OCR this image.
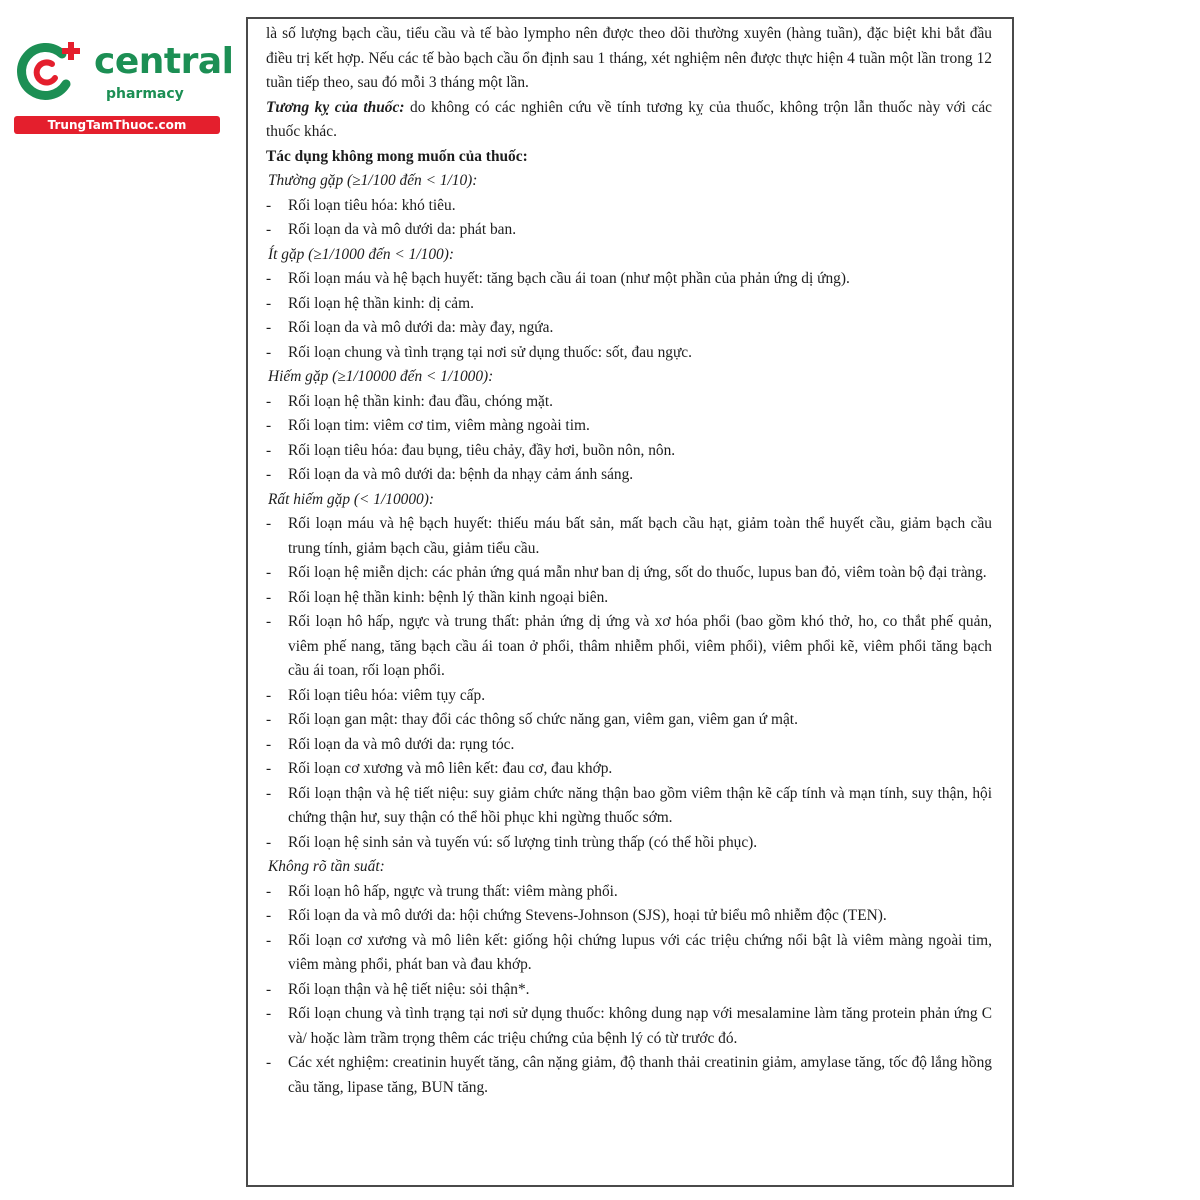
central
pharmacy
TrungTamThuoc.com

là số lượng bạch cầu, tiểu cầu và tế bào lympho nên được theo dõi thường xuyên (hàng tuần), đặc biệt khi bắt đầu điều trị kết hợp. Nếu các tế bào bạch cầu ổn định sau 1 tháng, xét nghiệm nên được thực hiện 4 tuần một lần trong 12 tuần tiếp theo, sau đó mỗi 3 tháng một lần.

Tương kỵ của thuốc: do không có các nghiên cứu về tính tương kỵ của thuốc, không trộn lẫn thuốc này với các thuốc khác.

Tác dụng không mong muốn của thuốc:

Thường gặp (≥1/100 đến < 1/10):

- Rối loạn tiêu hóa: khó tiêu.
- Rối loạn da và mô dưới da: phát ban.

Ít gặp (≥1/1000 đến < 1/100):

- Rối loạn máu và hệ bạch huyết: tăng bạch cầu ái toan (như một phần của phản ứng dị ứng).
- Rối loạn hệ thần kinh: dị cảm.
- Rối loạn da và mô dưới da: mày đay, ngứa.
- Rối loạn chung và tình trạng tại nơi sử dụng thuốc: sốt, đau ngực.

Hiếm gặp (≥1/10000 đến < 1/1000):

- Rối loạn hệ thần kinh: đau đầu, chóng mặt.
- Rối loạn tim: viêm cơ tim, viêm màng ngoài tim.
- Rối loạn tiêu hóa: đau bụng, tiêu chảy, đầy hơi, buồn nôn, nôn.
- Rối loạn da và mô dưới da: bệnh da nhạy cảm ánh sáng.

Rất hiếm gặp (< 1/10000):

- Rối loạn máu và hệ bạch huyết: thiếu máu bất sản, mất bạch cầu hạt, giảm toàn thể huyết cầu, giảm bạch cầu trung tính, giảm bạch cầu, giảm tiểu cầu.
- Rối loạn hệ miễn dịch: các phản ứng quá mẫn như ban dị ứng, sốt do thuốc, lupus ban đỏ, viêm toàn bộ đại tràng.
- Rối loạn hệ thần kinh: bệnh lý thần kinh ngoại biên.
- Rối loạn hô hấp, ngực và trung thất: phản ứng dị ứng và xơ hóa phổi (bao gồm khó thở, ho, co thắt phế quản, viêm phế nang, tăng bạch cầu ái toan ở phổi, thâm nhiễm phổi, viêm phổi), viêm phổi kẽ, viêm phổi tăng bạch cầu ái toan, rối loạn phổi.
- Rối loạn tiêu hóa: viêm tụy cấp.
- Rối loạn gan mật: thay đổi các thông số chức năng gan, viêm gan, viêm gan ứ mật.
- Rối loạn da và mô dưới da: rụng tóc.
- Rối loạn cơ xương và mô liên kết: đau cơ, đau khớp.
- Rối loạn thận và hệ tiết niệu: suy giảm chức năng thận bao gồm viêm thận kẽ cấp tính và mạn tính, suy thận, hội chứng thận hư, suy thận có thể hồi phục khi ngừng thuốc sớm.
- Rối loạn hệ sinh sản và tuyến vú: số lượng tinh trùng thấp (có thể hồi phục).

Không rõ tần suất:

- Rối loạn hô hấp, ngực và trung thất: viêm màng phổi.
- Rối loạn da và mô dưới da: hội chứng Stevens-Johnson (SJS), hoại tử biểu mô nhiễm độc (TEN).
- Rối loạn cơ xương và mô liên kết: giống hội chứng lupus với các triệu chứng nổi bật là viêm màng ngoài tim, viêm màng phổi, phát ban và đau khớp.
- Rối loạn thận và hệ tiết niệu: sỏi thận*.
- Rối loạn chung và tình trạng tại nơi sử dụng thuốc: không dung nạp với mesalamine làm tăng protein phản ứng C và/ hoặc làm trầm trọng thêm các triệu chứng của bệnh lý có từ trước đó.
- Các xét nghiệm: creatinin huyết tăng, cân nặng giảm, độ thanh thải creatinin giảm, amylase tăng, tốc độ lắng hồng cầu tăng, lipase tăng, BUN tăng.
